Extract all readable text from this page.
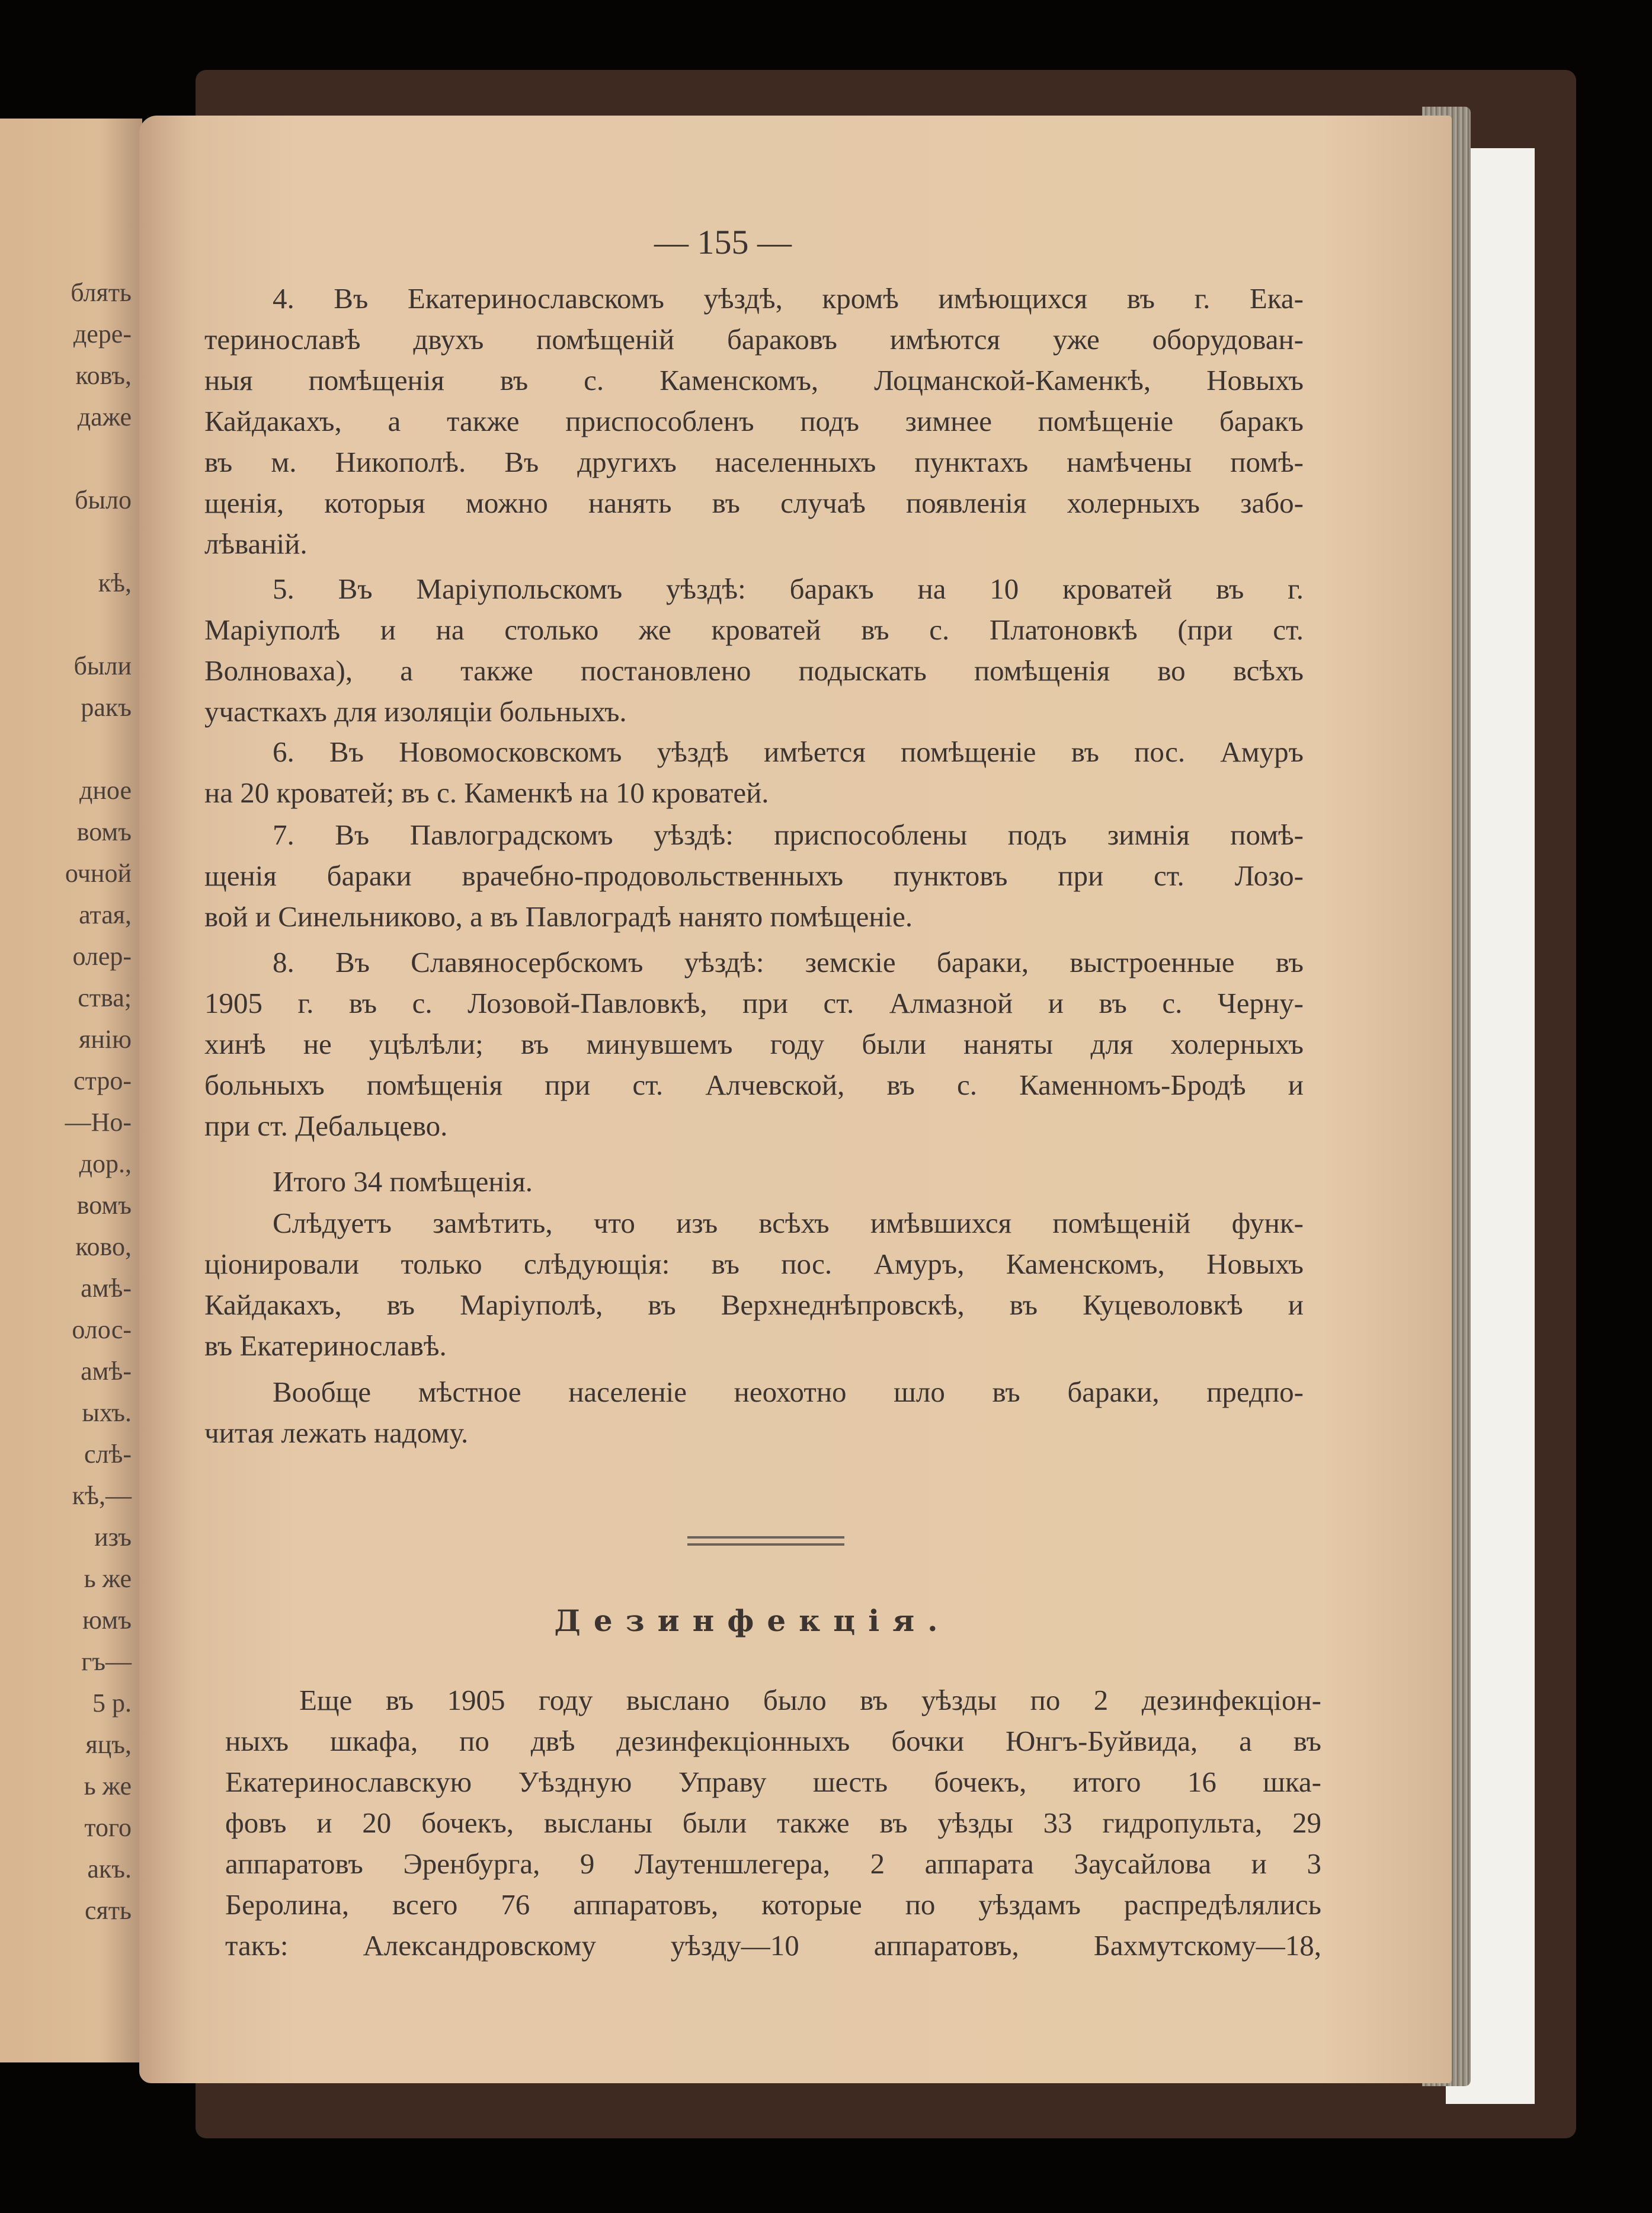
блять
дере-
ковъ,
даже
было
кѣ,
были
ракъ
дное
вомъ
очной
атая,
олер-
ства;
янію
стро-
—Но-
дор.,
вомъ
ково,
амѣ-
олос-
амѣ-
ыхъ.
слѣ-
кѣ,—
изъ
ь же
юмъ
гъ—
5 р.
яцъ,
ь же
того
акъ.
сять
— 155 —
4. Въ Екатеринославскомъ уѣздѣ, кромѣ имѣющихся въ г. Ека-
теринославѣ двухъ помѣщеній бараковъ имѣются уже оборудован-
ныя помѣщенія въ с. Каменскомъ, Лоцманской-Каменкѣ, Новыхъ
Кайдакахъ, а также приспособленъ подъ зимнее помѣщеніе баракъ
въ м. Никополѣ. Въ другихъ населенныхъ пунктахъ намѣчены помѣ-
щенія, которыя можно нанять въ случаѣ появленія холерныхъ забо-
лѣваній.
5. Въ Маріупольскомъ уѣздѣ: баракъ на 10 кроватей въ г.
Маріуполѣ и на столько же кроватей въ с. Платоновкѣ (при ст.
Волноваха), а также постановлено подыскать помѣщенія во всѣхъ
участкахъ для изоляціи больныхъ.
6. Въ Новомосковскомъ уѣздѣ имѣется помѣщеніе въ пос. Амуръ
на 20 кроватей; въ с. Каменкѣ на 10 кроватей.
7. Въ Павлоградскомъ уѣздѣ: приспособлены подъ зимнія помѣ-
щенія бараки врачебно-продовольственныхъ пунктовъ при ст. Лозо-
вой и Синельниково, а въ Павлоградѣ нанято помѣщеніе.
8. Въ Славяносербскомъ уѣздѣ: земскіе бараки, выстроенные въ
1905 г. въ с. Лозовой-Павловкѣ, при ст. Алмазной и въ с. Черну-
хинѣ не уцѣлѣли; въ минувшемъ году были наняты для холерныхъ
больныхъ помѣщенія при ст. Алчевской, въ с. Каменномъ-Бродѣ и
при ст. Дебальцево.
Итого 34 помѣщенія.
Слѣдуетъ замѣтить, что изъ всѣхъ имѣвшихся помѣщеній функ-
ціонировали только слѣдующія: въ пос. Амуръ, Каменскомъ, Новыхъ
Кайдакахъ, въ Маріуполѣ, въ Верхнеднѣпровскѣ, въ Куцеволовкѣ и
въ Екатеринославѣ.
Вообще мѣстное населеніе неохотно шло въ бараки, предпо-
читая лежать надому.
Дезинфекція.
Еще въ 1905 году выслано было въ уѣзды по 2 дезинфекціон-
ныхъ шкафа, по двѣ дезинфекціонныхъ бочки Юнгъ-Буйвида, а въ
Екатеринославскую Уѣздную Управу шесть бочекъ, итого 16 шка-
фовъ и 20 бочекъ, высланы были также въ уѣзды 33 гидропульта, 29
аппаратовъ Эренбурга, 9 Лаутеншлегера, 2 аппарата Заусайлова и 3
Беролина, всего 76 аппаратовъ, которые по уѣздамъ распредѣлялись
такъ: Александровскому уѣзду—10 аппаратовъ, Бахмутскому—18,
